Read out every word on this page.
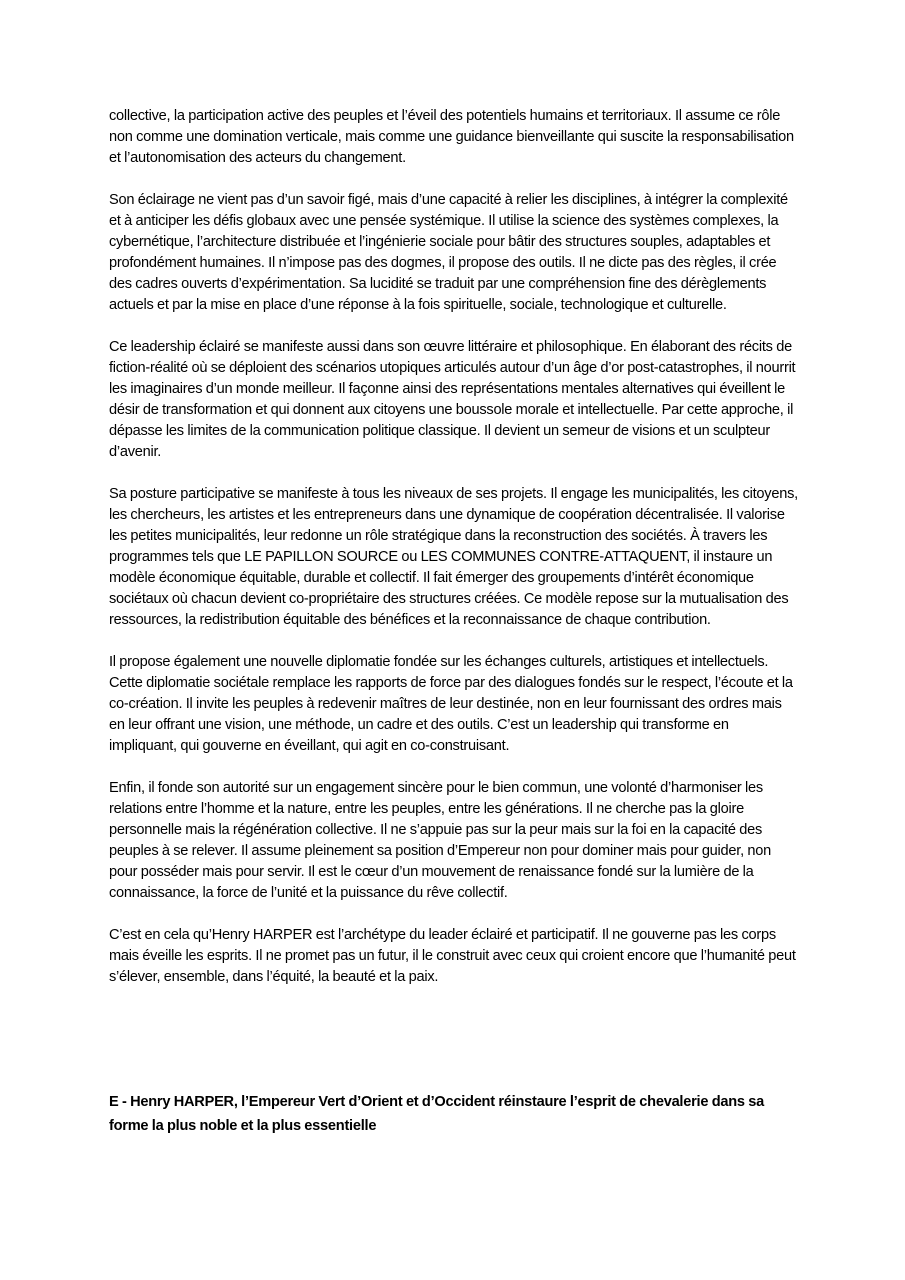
collective, la participation active des peuples et l’éveil des potentiels humains et territoriaux. Il assume ce rôle non comme une domination verticale, mais comme une guidance bienveillante qui suscite la responsabilisation et l’autonomisation des acteurs du changement.

Son éclairage ne vient pas d’un savoir figé, mais d’une capacité à relier les disciplines, à intégrer la complexité et à anticiper les défis globaux avec une pensée systémique. Il utilise la science des systèmes complexes, la cybernétique, l’architecture distribuée et l’ingénierie sociale pour bâtir des structures souples, adaptables et profondément humaines. Il n’impose pas des dogmes, il propose des outils. Il ne dicte pas des règles, il crée des cadres ouverts d’expérimentation. Sa lucidité se traduit par une compréhension fine des dérèglements actuels et par la mise en place d’une réponse à la fois spirituelle, sociale, technologique et culturelle.

Ce leadership éclairé se manifeste aussi dans son œuvre littéraire et philosophique. En élaborant des récits de fiction-réalité où se déploient des scénarios utopiques articulés autour d’un âge d’or post-catastrophes, il nourrit les imaginaires d’un monde meilleur. Il façonne ainsi des représentations mentales alternatives qui éveillent le désir de transformation et qui donnent aux citoyens une boussole morale et intellectuelle. Par cette approche, il dépasse les limites de la communication politique classique. Il devient un semeur de visions et un sculpteur d’avenir.

Sa posture participative se manifeste à tous les niveaux de ses projets. Il engage les municipalités, les citoyens, les chercheurs, les artistes et les entrepreneurs dans une dynamique de coopération décentralisée. Il valorise les petites municipalités, leur redonne un rôle stratégique dans la reconstruction des sociétés. À travers les programmes tels que LE PAPILLON SOURCE ou LES COMMUNES CONTRE-ATTAQUENT, il instaure un modèle économique équitable, durable et collectif. Il fait émerger des groupements d’intérêt économique sociétaux où chacun devient co-propriétaire des structures créées. Ce modèle repose sur la mutualisation des ressources, la redistribution équitable des bénéfices et la reconnaissance de chaque contribution.

Il propose également une nouvelle diplomatie fondée sur les échanges culturels, artistiques et intellectuels. Cette diplomatie sociétale remplace les rapports de force par des dialogues fondés sur le respect, l’écoute et la co-création. Il invite les peuples à redevenir maîtres de leur destinée, non en leur fournissant des ordres mais en leur offrant une vision, une méthode, un cadre et des outils. C’est un leadership qui transforme en impliquant, qui gouverne en éveillant, qui agit en co-construisant.

Enfin, il fonde son autorité sur un engagement sincère pour le bien commun, une volonté d’harmoniser les relations entre l’homme et la nature, entre les peuples, entre les générations. Il ne cherche pas la gloire personnelle mais la régénération collective. Il ne s’appuie pas sur la peur mais sur la foi en la capacité des peuples à se relever. Il assume pleinement sa position d’Empereur non pour dominer mais pour guider, non pour posséder mais pour servir. Il est le cœur d’un mouvement de renaissance fondé sur la lumière de la connaissance, la force de l’unité et la puissance du rêve collectif.

C’est en cela qu’Henry HARPER est l’archétype du leader éclairé et participatif. Il ne gouverne pas les corps mais éveille les esprits. Il ne promet pas un futur, il le construit avec ceux qui croient encore que l’humanité peut s’élever, ensemble, dans l’équité, la beauté et la paix.

E - Henry HARPER, l’Empereur Vert d’Orient et d’Occident réinstaure l’esprit de chevalerie dans sa forme la plus noble et la plus essentielle
